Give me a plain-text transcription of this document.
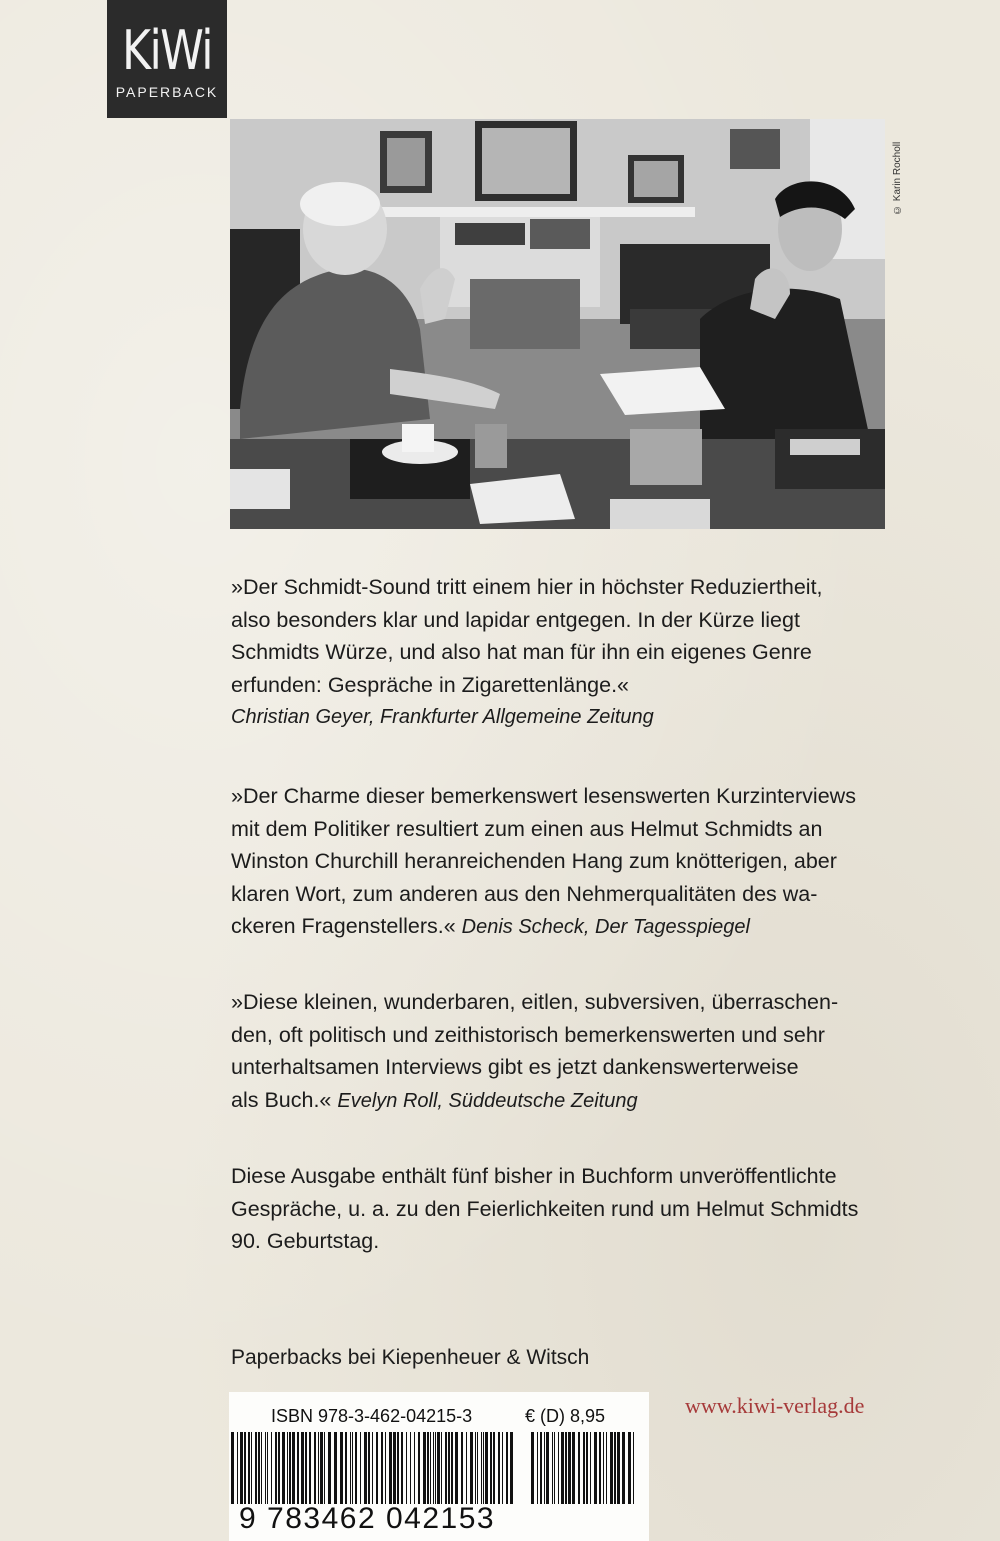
KiWi
PAPERBACK
© Karin Rocholl

»Der Schmidt-Sound tritt einem hier in höchster Reduziertheit,

also besonders klar und lapidar entgegen. In der Kürze liegt

Schmidts Würze, und also hat man für ihn ein eigenes Genre

erfunden: Gespräche in Zigarettenlänge.«

Christian Geyer, Frankfurter Allgemeine Zeitung

»Der Charme dieser bemerkenswert lesenswerten Kurzinterviews

mit dem Politiker resultiert zum einen aus Helmut Schmidts an

Winston Churchill heranreichenden Hang zum knötterigen, aber

klaren Wort, zum anderen aus den Nehmerqualitäten des wa-

ckeren Fragenstellers.« Denis Scheck, Der Tagesspiegel

»Diese kleinen, wunderbaren, eitlen, subversiven, überraschen-

den, oft politisch und zeithistorisch bemerkenswerten und sehr

unterhaltsamen Interviews gibt es jetzt dankenswerterweise

als Buch.« Evelyn Roll, Süddeutsche Zeitung

Diese Ausgabe enthält fünf bisher in Buchform unveröffentlichte

Gespräche, u. a. zu den Feierlichkeiten rund um Helmut Schmidts

90. Geburtstag.

Paperbacks bei Kiepenheuer & Witsch
ISBN 978-3-462-04215-3	€ (D) 8,95
9 783462 042153
www.kiwi-verlag.de
